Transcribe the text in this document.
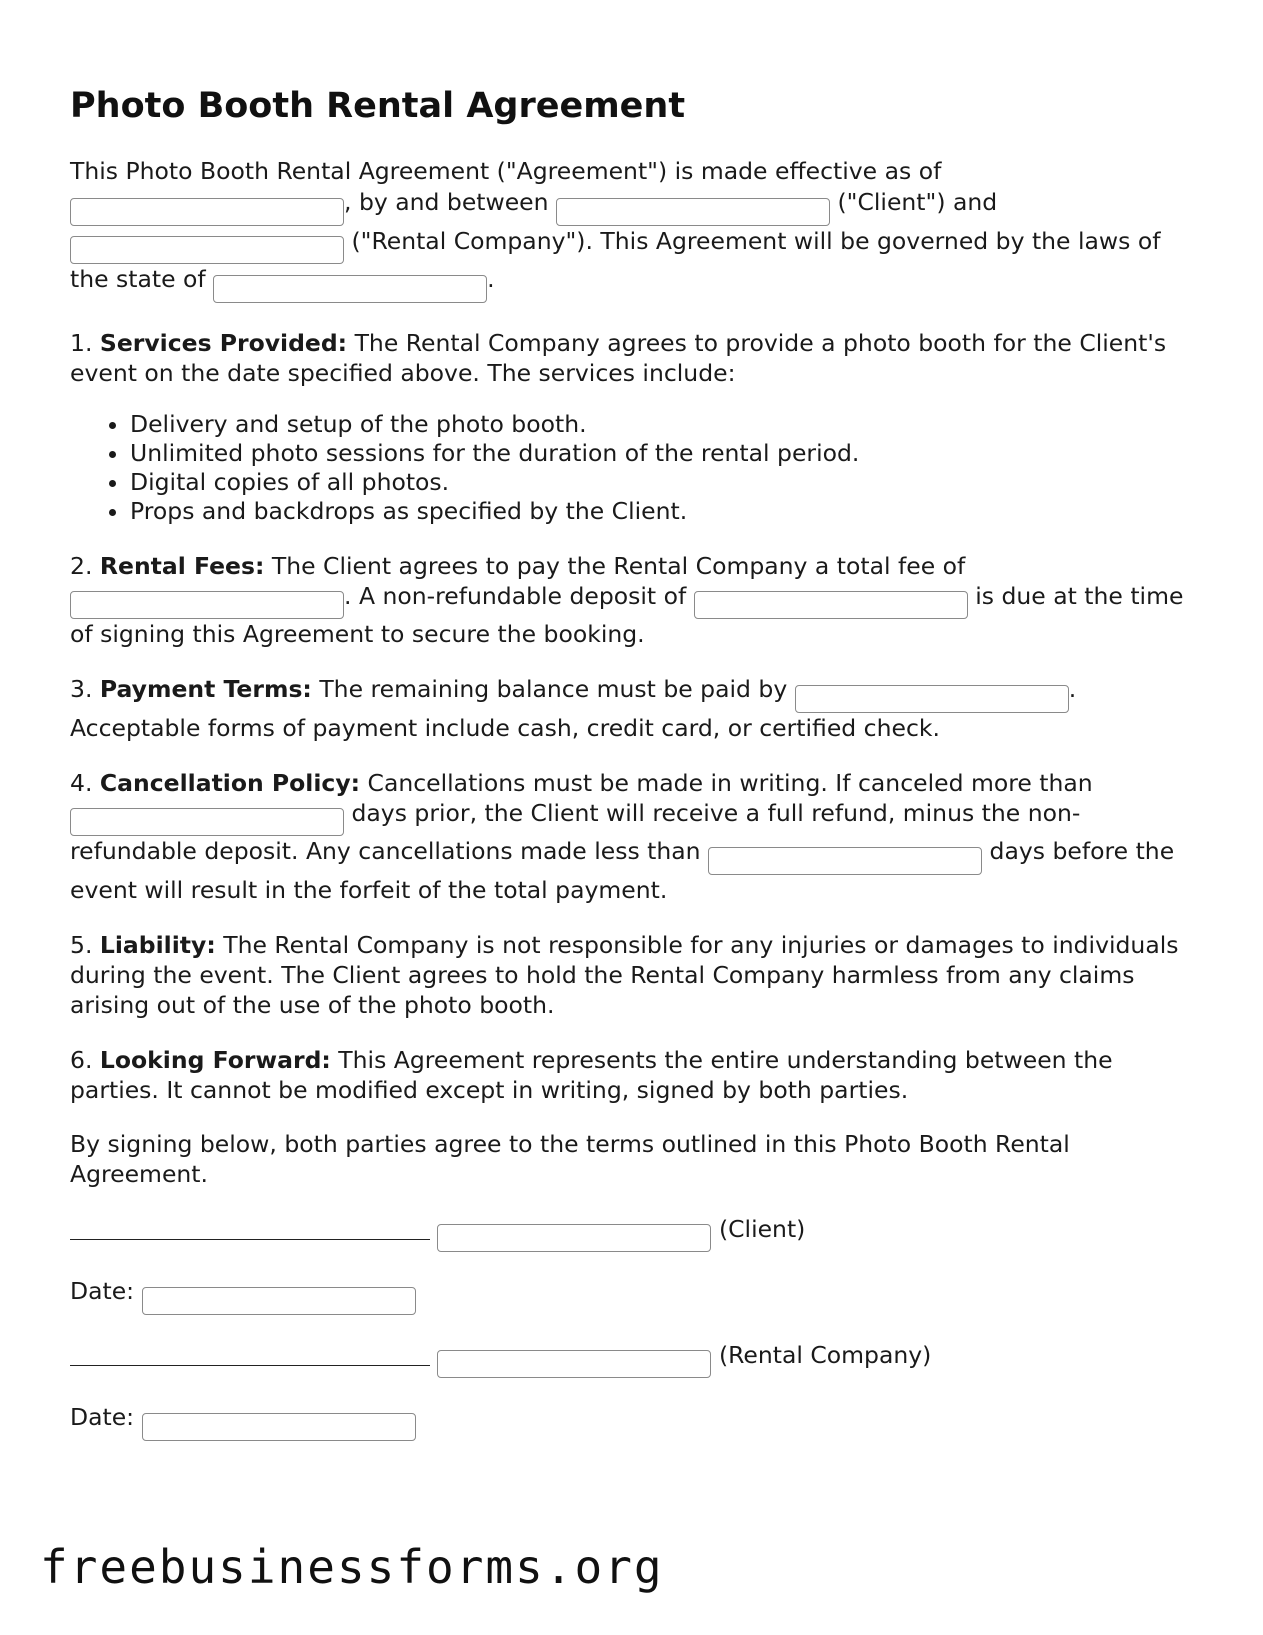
Photo Booth Rental Agreement

This Photo Booth Rental Agreement ("Agreement") is made effective as of
, by and between	("Client") and
("Rental Company"). This Agreement will be governed by the laws of the state of	.

1. Services Provided: The Rental Company agrees to provide a photo booth for the Client's event on the date specified above. The services include:

• Delivery and setup of the photo booth.
• Unlimited photo sessions for the duration of the rental period.
• Digital copies of all photos.
• Props and backdrops as specified by the Client.

2. Rental Fees: The Client agrees to pay the Rental Company a total fee of
. A non-refundable deposit of	is due at the time of signing this Agreement to secure the booking.

3. Payment Terms: The remaining balance must be paid by	. Acceptable forms of payment include cash, credit card, or certified check.

4. Cancellation Policy: Cancellations must be made in writing. If canceled more than
days prior, the Client will receive a full refund, minus the non-refundable deposit. Any cancellations made less than	days before the event will result in the forfeit of the total payment.

5. Liability: The Rental Company is not responsible for any injuries or damages to individuals during the event. The Client agrees to hold the Rental Company harmless from any claims arising out of the use of the photo booth.

6. Looking Forward: This Agreement represents the entire understanding between the parties. It cannot be modified except in writing, signed by both parties.

By signing below, both parties agree to the terms outlined in this Photo Booth Rental Agreement.

(Client)
Date:
(Rental Company)
Date:
freebusinessforms.org
